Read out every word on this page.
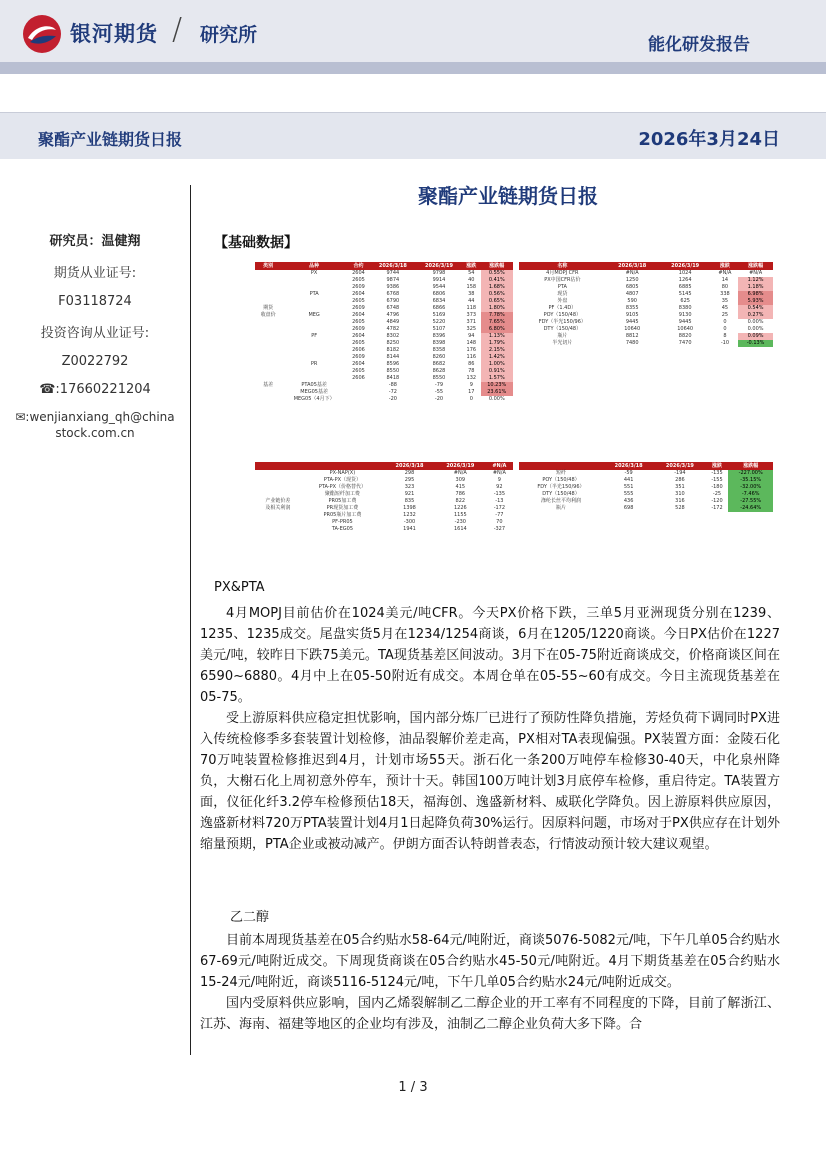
银河期货 / 研究所	能化研发报告
聚酯产业链期货日报	2026年3月24日
研究员：温健翔
期货从业证号:
F03118724
投资咨询从业证号:
Z0022792
☎:17660221204
✉:wenjianxiang_qh@china
stock.com.cn
聚酯产业链期货日报
【基础数据】
类别	品种	合约	2026/3/18	2026/3/19	涨跌	涨跌幅
	PX	2604	9744	9798	54	0.55%
		2605	9874	9914	40	0.41%
		2609	9386	9544	158	1.68%
	PTA	2604	6768	6806	38	0.56%
		2605	6790	6834	44	0.65%
期货		2609	6748	6866	118	1.80%
收盘价	MEG	2604	4796	5169	373	7.78%
		2605	4849	5220	371	7.65%
		2609	4782	5107	325	6.80%
	PF	2604	8302	8396	94	1.13%
		2605	8250	8398	148	1.79%
		2606	8182	8358	176	2.15%
		2609	8144	8260	116	1.42%
	PR	2604	8596	8682	86	1.00%
		2605	8550	8628	78	0.91%
		2606	8418	8550	132	1.57%
基差	PTA05基差		-88	-79	9	10.23%
	MEG05基差		-72	-55	17	23.61%
	MEG05（4月下）		-20	-20	0	0.00%
名称	2026/3/18	2026/3/19	涨跌	涨跌幅
4月MOPJ CFR	#N/A	1024	#N/A	#N/A
PX中国CFR估价	1250	1264	14	1.12%
PTA	6805	6885	80	1.18%
现货	4807	5145	338	6.98%
外盘	590	625	35	5.93%
PF（1.4D）	8355	8380	45	0.54%
POY（150/48）	9105	9130	25	0.27%
FDY（半光150/96）	9445	9445	0	0.00%
DTY（150/48）	10640	10640	0	0.00%
瓶片	8812	8820	8	0.09%
半光切片	7480	7470	-10	-0.13%
		2026/3/18	2026/3/19	#N/A
	PX-NAP(X)	298	#N/A	#N/A
	PTA-PX（现货）	295	309	9
	PTA-PX（价格替代）	323	415	92
	聚酯短纤加工费	921	786	-135
产业链价差	PR05加工费	835	822	-13
及相关利润	PR现货加工费	1398	1226	-172
	PR05瓶片加工费	1232	1155	-77
	PF-PR05	-300	-230	70
	TA-EG05	1941	1614	-327
	2026/3/18	2026/3/19	涨跌	涨跌幅
短纤	-59	-194	-135	-227.00%
POY（150/48）	441	286	-155	-35.15%
FDY（半光150/96）	551	351	-180	-32.00%
DTY（150/48）	555	310	-25	-7.46%
涤纶长丝平均利润	436	316	-120	-27.55%
瓶片	698	528	-172	-24.64%
PX&PTA

4月MOPJ目前估价在1024美元/吨CFR。今天PX价格下跌，三单5月亚洲现货分别在1239、1235、1235成交。尾盘实货5月在1234/1254商谈，6月在1205/1220商谈。今日PX估价在1227美元/吨，较昨日下跌75美元。TA现货基差区间波动。3月下在05-75附近商谈成交，价格商谈区间在6590~6880。4月中上在05-50附近有成交。本周仓单在05-55~60有成交。今日主流现货基差在05-75。

受上游原料供应稳定担忧影响，国内部分炼厂已进行了预防性降负措施，芳烃负荷下调同时PX进入传统检修季多套装置计划检修，油品裂解价差走高，PX相对TA表现偏强。PX装置方面：金陵石化70万吨装置检修推迟到4月，计划市场55天。浙石化一条200万吨停车检修30-40天，中化泉州降负，大榭石化上周初意外停车，预计十天。韩国100万吨计划3月底停车检修，重启待定。TA装置方面，仪征化纤3.2停车检修预估18天，福海创、逸盛新材料、威联化学降负。因上游原料供应原因，逸盛新材料720万PTA装置计划4月1日起降负荷30%运行。因原料问题，市场对于PX供应存在计划外缩量预期，PTA企业或被动减产。伊朗方面否认特朗普表态，行情波动预计较大建议观望。

乙二醇

目前本周现货基差在05合约贴水58-64元/吨附近，商谈5076-5082元/吨，下午几单05合约贴水67-69元/吨附近成交。下周现货商谈在05合约贴水45-50元/吨附近。4月下期货基差在05合约贴水15-24元/吨附近，商谈5116-5124元/吨，下午几单05合约贴水24元/吨附近成交。

国内受原料供应影响，国内乙烯裂解制乙二醇企业的开工率有不同程度的下降，目前了解浙江、江苏、海南、福建等地区的企业均有涉及，油制乙二醇企业负荷大多下降。合

1 / 3
